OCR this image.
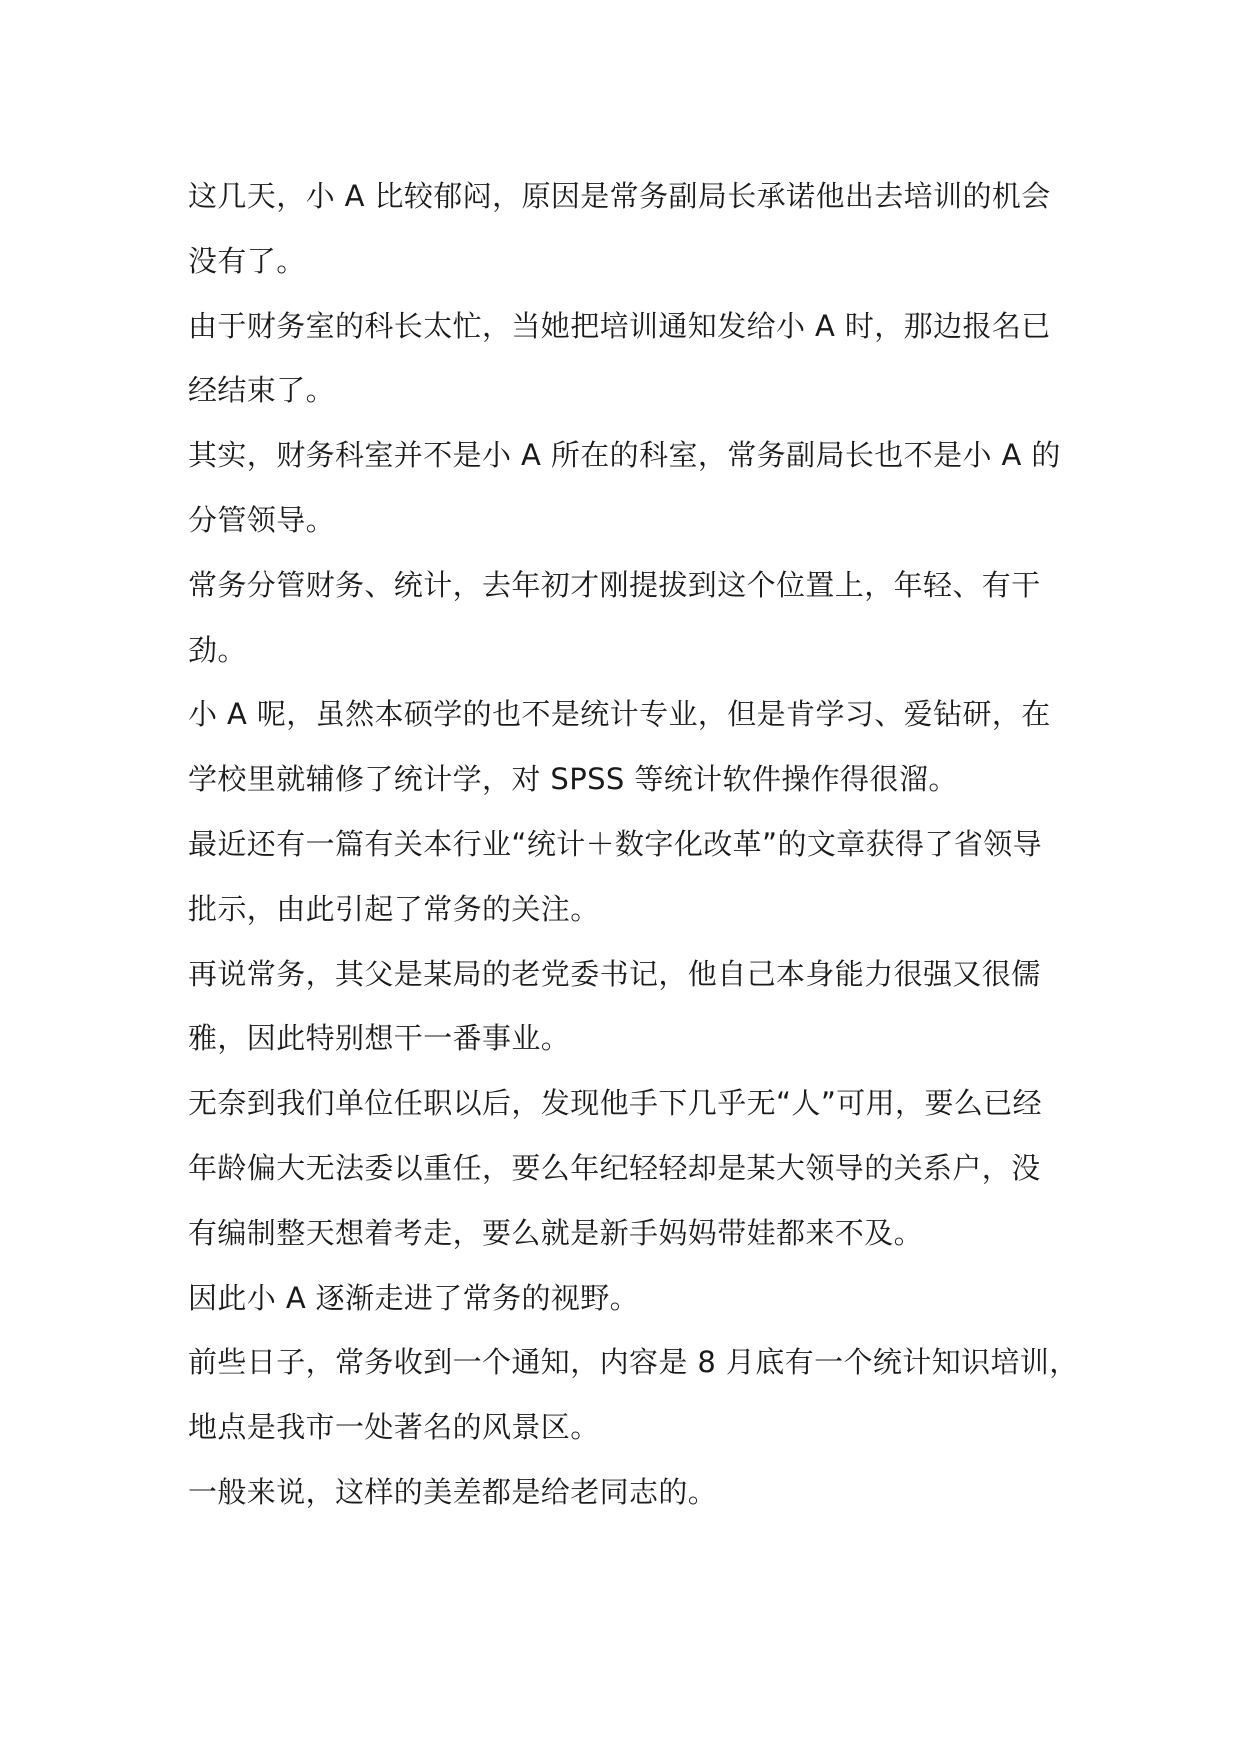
这几天，小 A 比较郁闷，原因是常务副局长承诺他出去培训的机会
没有了。

由于财务室的科长太忙，当她把培训通知发给小 A 时，那边报名已
经结束了。

其实，财务科室并不是小 A 所在的科室，常务副局长也不是小 A 的
分管领导。

常务分管财务、统计，去年初才刚提拔到这个位置上，年轻、有干
劲。

小 A 呢，虽然本硕学的也不是统计专业，但是肯学习、爱钻研，在
学校里就辅修了统计学，对 SPSS 等统计软件操作得很溜。

最近还有一篇有关本行业“统计＋数字化改革”的文章获得了省领导
批示，由此引起了常务的关注。

再说常务，其父是某局的老党委书记，他自己本身能力很强又很儒
雅，因此特别想干一番事业。

无奈到我们单位任职以后，发现他手下几乎无“人”可用，要么已经
年龄偏大无法委以重任，要么年纪轻轻却是某大领导的关系户，没
有编制整天想着考走，要么就是新手妈妈带娃都来不及。

因此小 A 逐渐走进了常务的视野。

前些日子，常务收到一个通知，内容是 8 月底有一个统计知识培训，
地点是我市一处著名的风景区。

一般来说，这样的美差都是给老同志的。
